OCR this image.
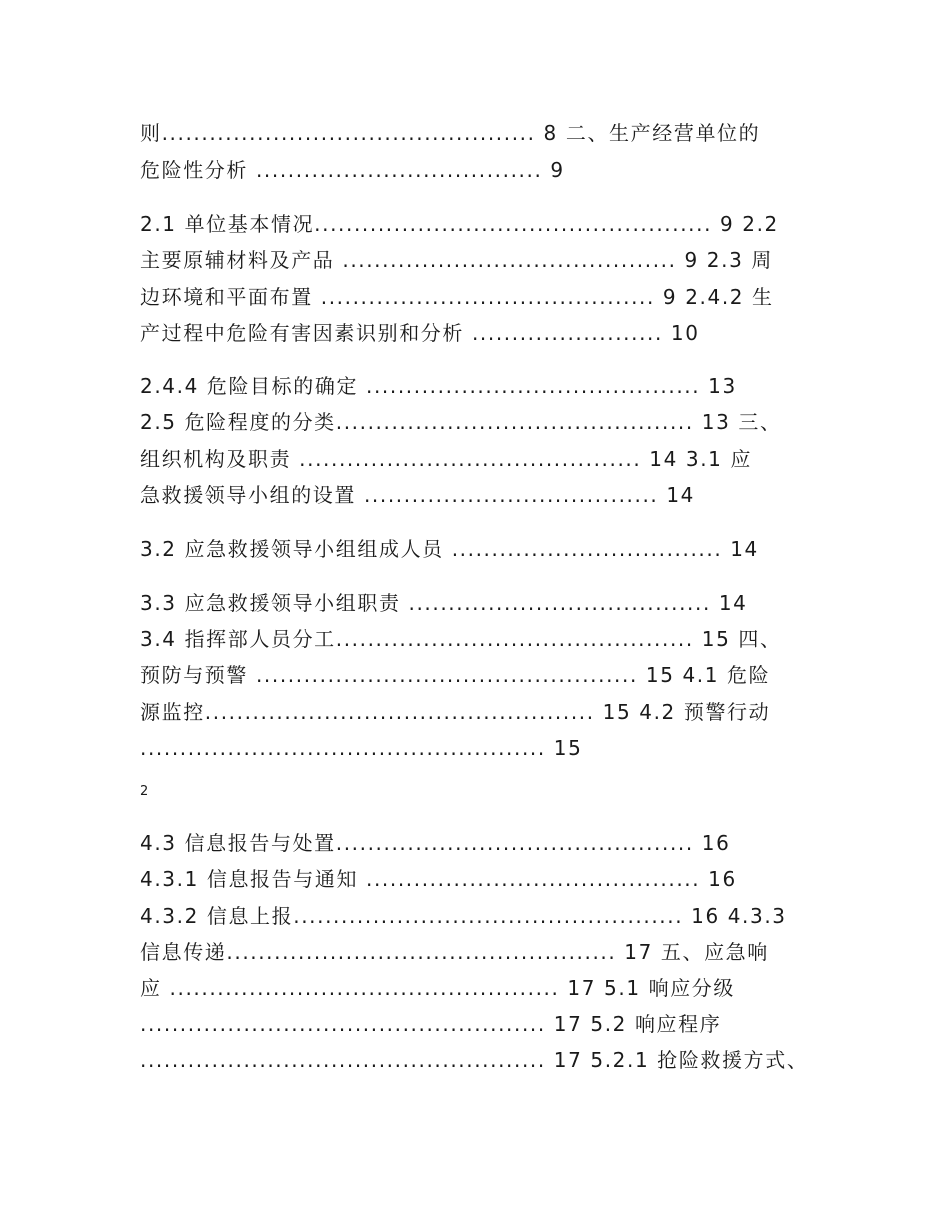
则............................................... 8 二、生产经营单位的
危险性分析 .................................... 9
2.1 单位基本情况.................................................. 9 2.2
主要原辅材料及产品 .......................................... 9 2.3 周
边环境和平面布置 .......................................... 9 2.4.2 生
产过程中危险有害因素识别和分析 ........................ 10
2.4.4 危险目标的确定 .......................................... 13
2.5 危险程度的分类............................................. 13 三、
组织机构及职责 ........................................... 14 3.1 应
急救援领导小组的设置 ..................................... 14
3.2 应急救援领导小组组成人员 .................................. 14
3.3 应急救援领导小组职责 ...................................... 14
3.4 指挥部人员分工............................................. 15 四、
预防与预警 ................................................ 15 4.1 危险
源监控................................................. 15 4.2 预警行动
................................................... 15
2
4.3 信息报告与处置............................................. 16
4.3.1 信息报告与通知 .......................................... 16
4.3.2 信息上报................................................. 16 4.3.3
信息传递................................................. 17 五、应急响
应 ................................................. 17 5.1 响应分级
................................................... 17 5.2 响应程序
................................................... 17 5.2.1 抢险救援方式、
